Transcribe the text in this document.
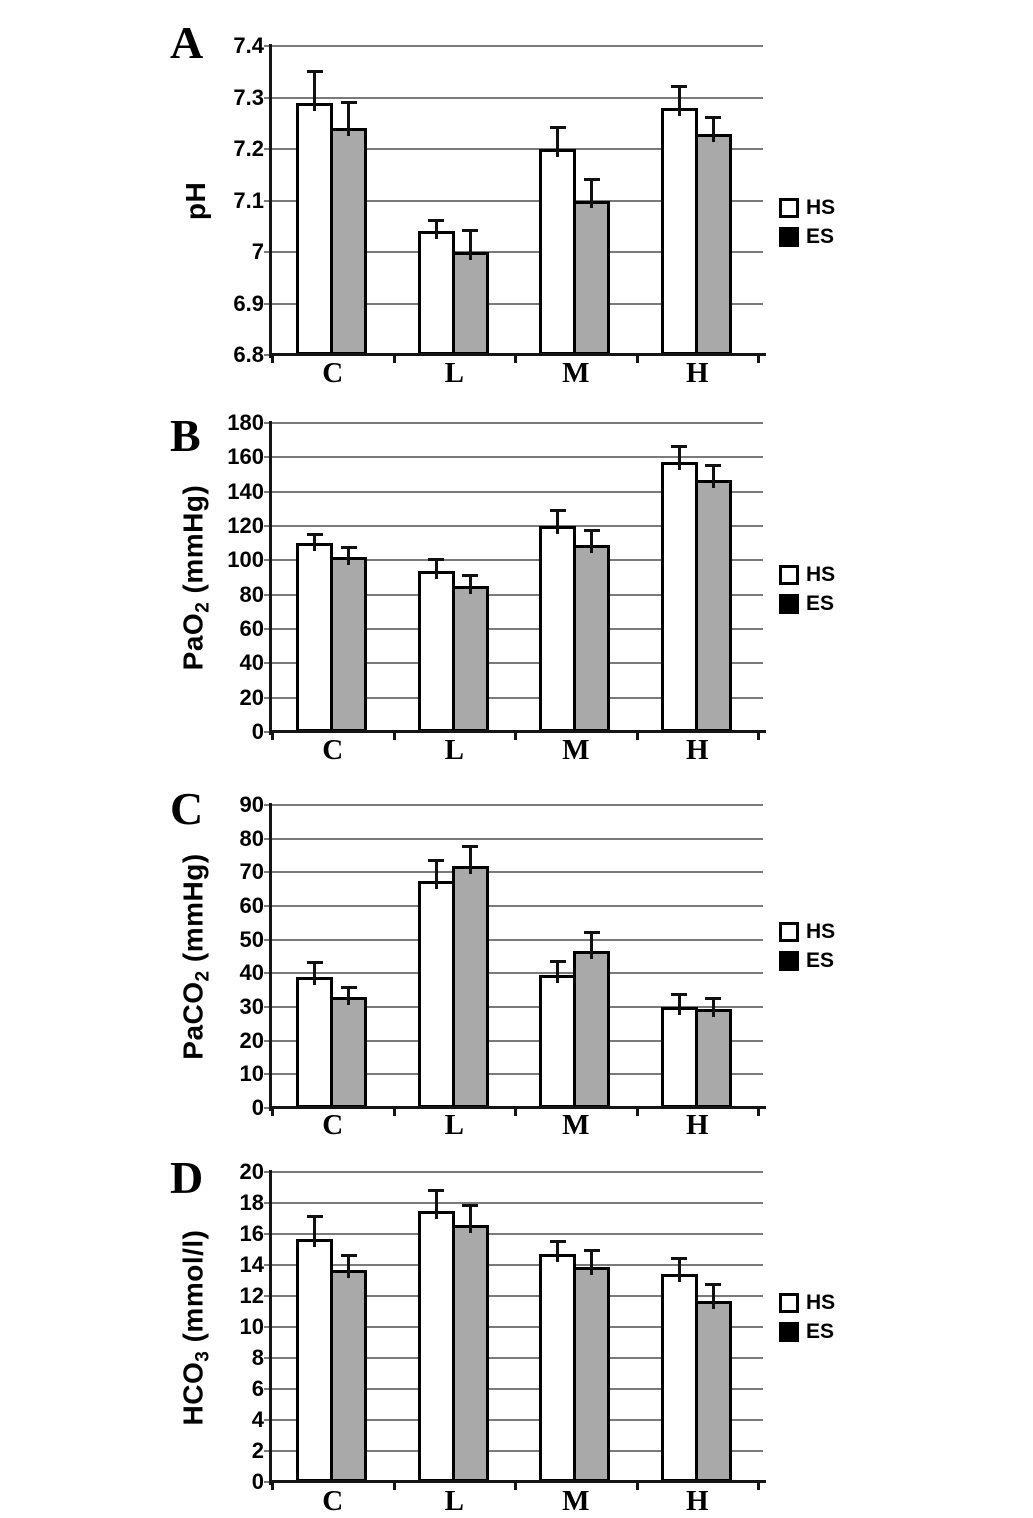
A
pH
7.4
7.3
7.2
7.1
7
6.9
6.8
C	L	M	H
HS
ES
B
PaO$_2$ (mmHg)
180
160
140
120
100
80
60
40
20
0
C	L	M	H
HS
ES
C
PaCO$_2$ (mmHg)
90
80
70
60
50
40
30
20
10
0
C	L	M	H
HS
ES
D
$HCO_3$ (mmol/l)
20
18
16
14
12
10
8
6
4
2
0
C	L	M	H
HS
ES
